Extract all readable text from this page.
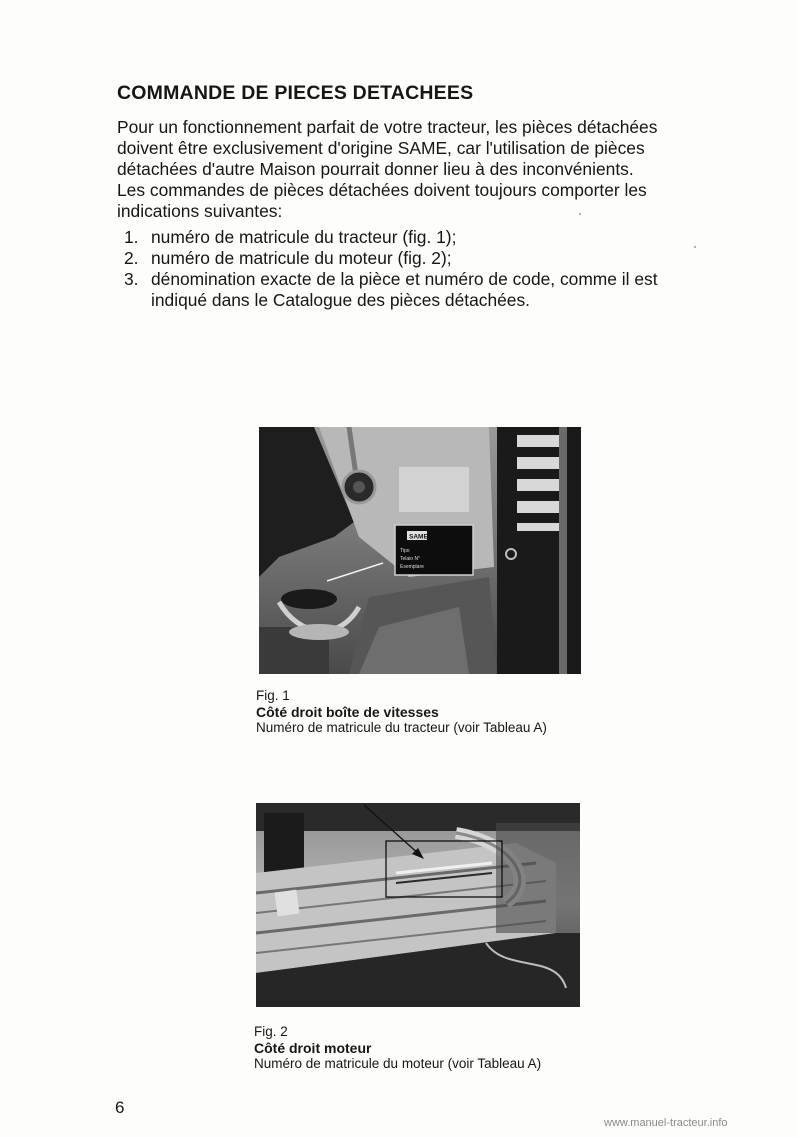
COMMANDE DE PIECES DETACHEES

Pour un fonctionnement parfait de votre tracteur, les pièces détachées

doivent être exclusivement d'origine SAME, car l'utilisation de pièces

détachées d'autre Maison pourrait donner lieu à des inconvénients.

Les commandes de pièces détachées doivent toujours comporter les

indications suivantes:

1. numéro de matricule du tracteur (fig. 1);
2. numéro de matricule du moteur (fig. 2);
3. dénomination exacte de la pièce et numéro de code, comme il est
indiqué dans le Catalogue des pièces détachées.
Tipo
Telaio N°
Esemplare
SAME
Fig. 1
Côté droit boîte de vitesses
Numéro de matricule du tracteur (voir Tableau A)
Fig. 2
Côté droit moteur
Numéro de matricule du moteur (voir Tableau A)
6
www.manuel-tracteur.info
